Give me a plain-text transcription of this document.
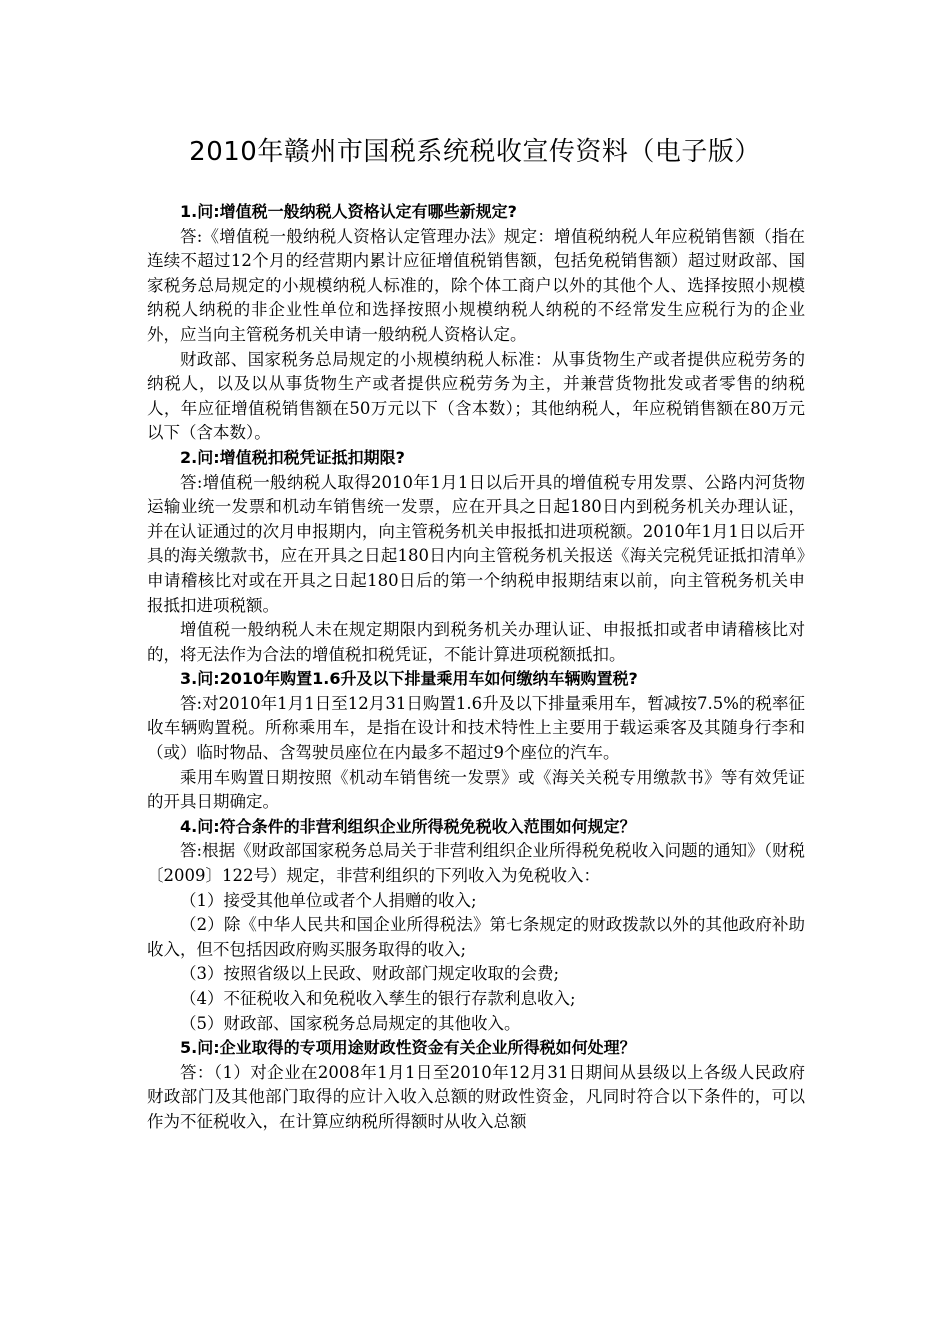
2010年赣州市国税系统税收宣传资料（电子版）

1.问:增值税一般纳税人资格认定有哪些新规定?

答:《增值税一般纳税人资格认定管理办法》规定：增值税纳税人年应税销售额（指在连续不超过12个月的经营期内累计应征增值税销售额，包括免税销售额）超过财政部、国家税务总局规定的小规模纳税人标准的，除个体工商户以外的其他个人、选择按照小规模纳税人纳税的非企业性单位和选择按照小规模纳税人纳税的不经常发生应税行为的企业外，应当向主管税务机关申请一般纳税人资格认定。

财政部、国家税务总局规定的小规模纳税人标准：从事货物生产或者提供应税劳务的纳税人，以及以从事货物生产或者提供应税劳务为主，并兼营货物批发或者零售的纳税人，年应征增值税销售额在50万元以下（含本数）；其他纳税人，年应税销售额在80万元以下（含本数）。

2.问:增值税扣税凭证抵扣期限?

答:增值税一般纳税人取得2010年1月1日以后开具的增值税专用发票、公路内河货物运输业统一发票和机动车销售统一发票，应在开具之日起180日内到税务机关办理认证，并在认证通过的次月申报期内，向主管税务机关申报抵扣进项税额。2010年1月1日以后开具的海关缴款书，应在开具之日起180日内向主管税务机关报送《海关完税凭证抵扣清单》申请稽核比对或在开具之日起180日后的第一个纳税申报期结束以前，向主管税务机关申报抵扣进项税额。

增值税一般纳税人未在规定期限内到税务机关办理认证、申报抵扣或者申请稽核比对的，将无法作为合法的增值税扣税凭证，不能计算进项税额抵扣。

3.问:2010年购置1.6升及以下排量乘用车如何缴纳车辆购置税?

答:对2010年1月1日至12月31日购置1.6升及以下排量乘用车，暂减按7.5%的税率征收车辆购置税。所称乘用车，是指在设计和技术特性上主要用于载运乘客及其随身行李和（或）临时物品、含驾驶员座位在内最多不超过9个座位的汽车。

乘用车购置日期按照《机动车销售统一发票》或《海关关税专用缴款书》等有效凭证的开具日期确定。

4.问:符合条件的非营利组织企业所得税免税收入范围如何规定？

答:根据《财政部国家税务总局关于非营利组织企业所得税免税收入问题的通知》（财税〔2009〕122号）规定，非营利组织的下列收入为免税收入：

（1）接受其他单位或者个人捐赠的收入;

（2）除《中华人民共和国企业所得税法》第七条规定的财政拨款以外的其他政府补助收入，但不包括因政府购买服务取得的收入;

（3）按照省级以上民政、财政部门规定收取的会费;

（4）不征税收入和免税收入孳生的银行存款利息收入;

（5）财政部、国家税务总局规定的其他收入。

5.问:企业取得的专项用途财政性资金有关企业所得税如何处理？

答：（1）对企业在2008年1月1日至2010年12月31日期间从县级以上各级人民政府财政部门及其他部门取得的应计入收入总额的财政性资金，凡同时符合以下条件的，可以作为不征税收入，在计算应纳税所得额时从收入总额
